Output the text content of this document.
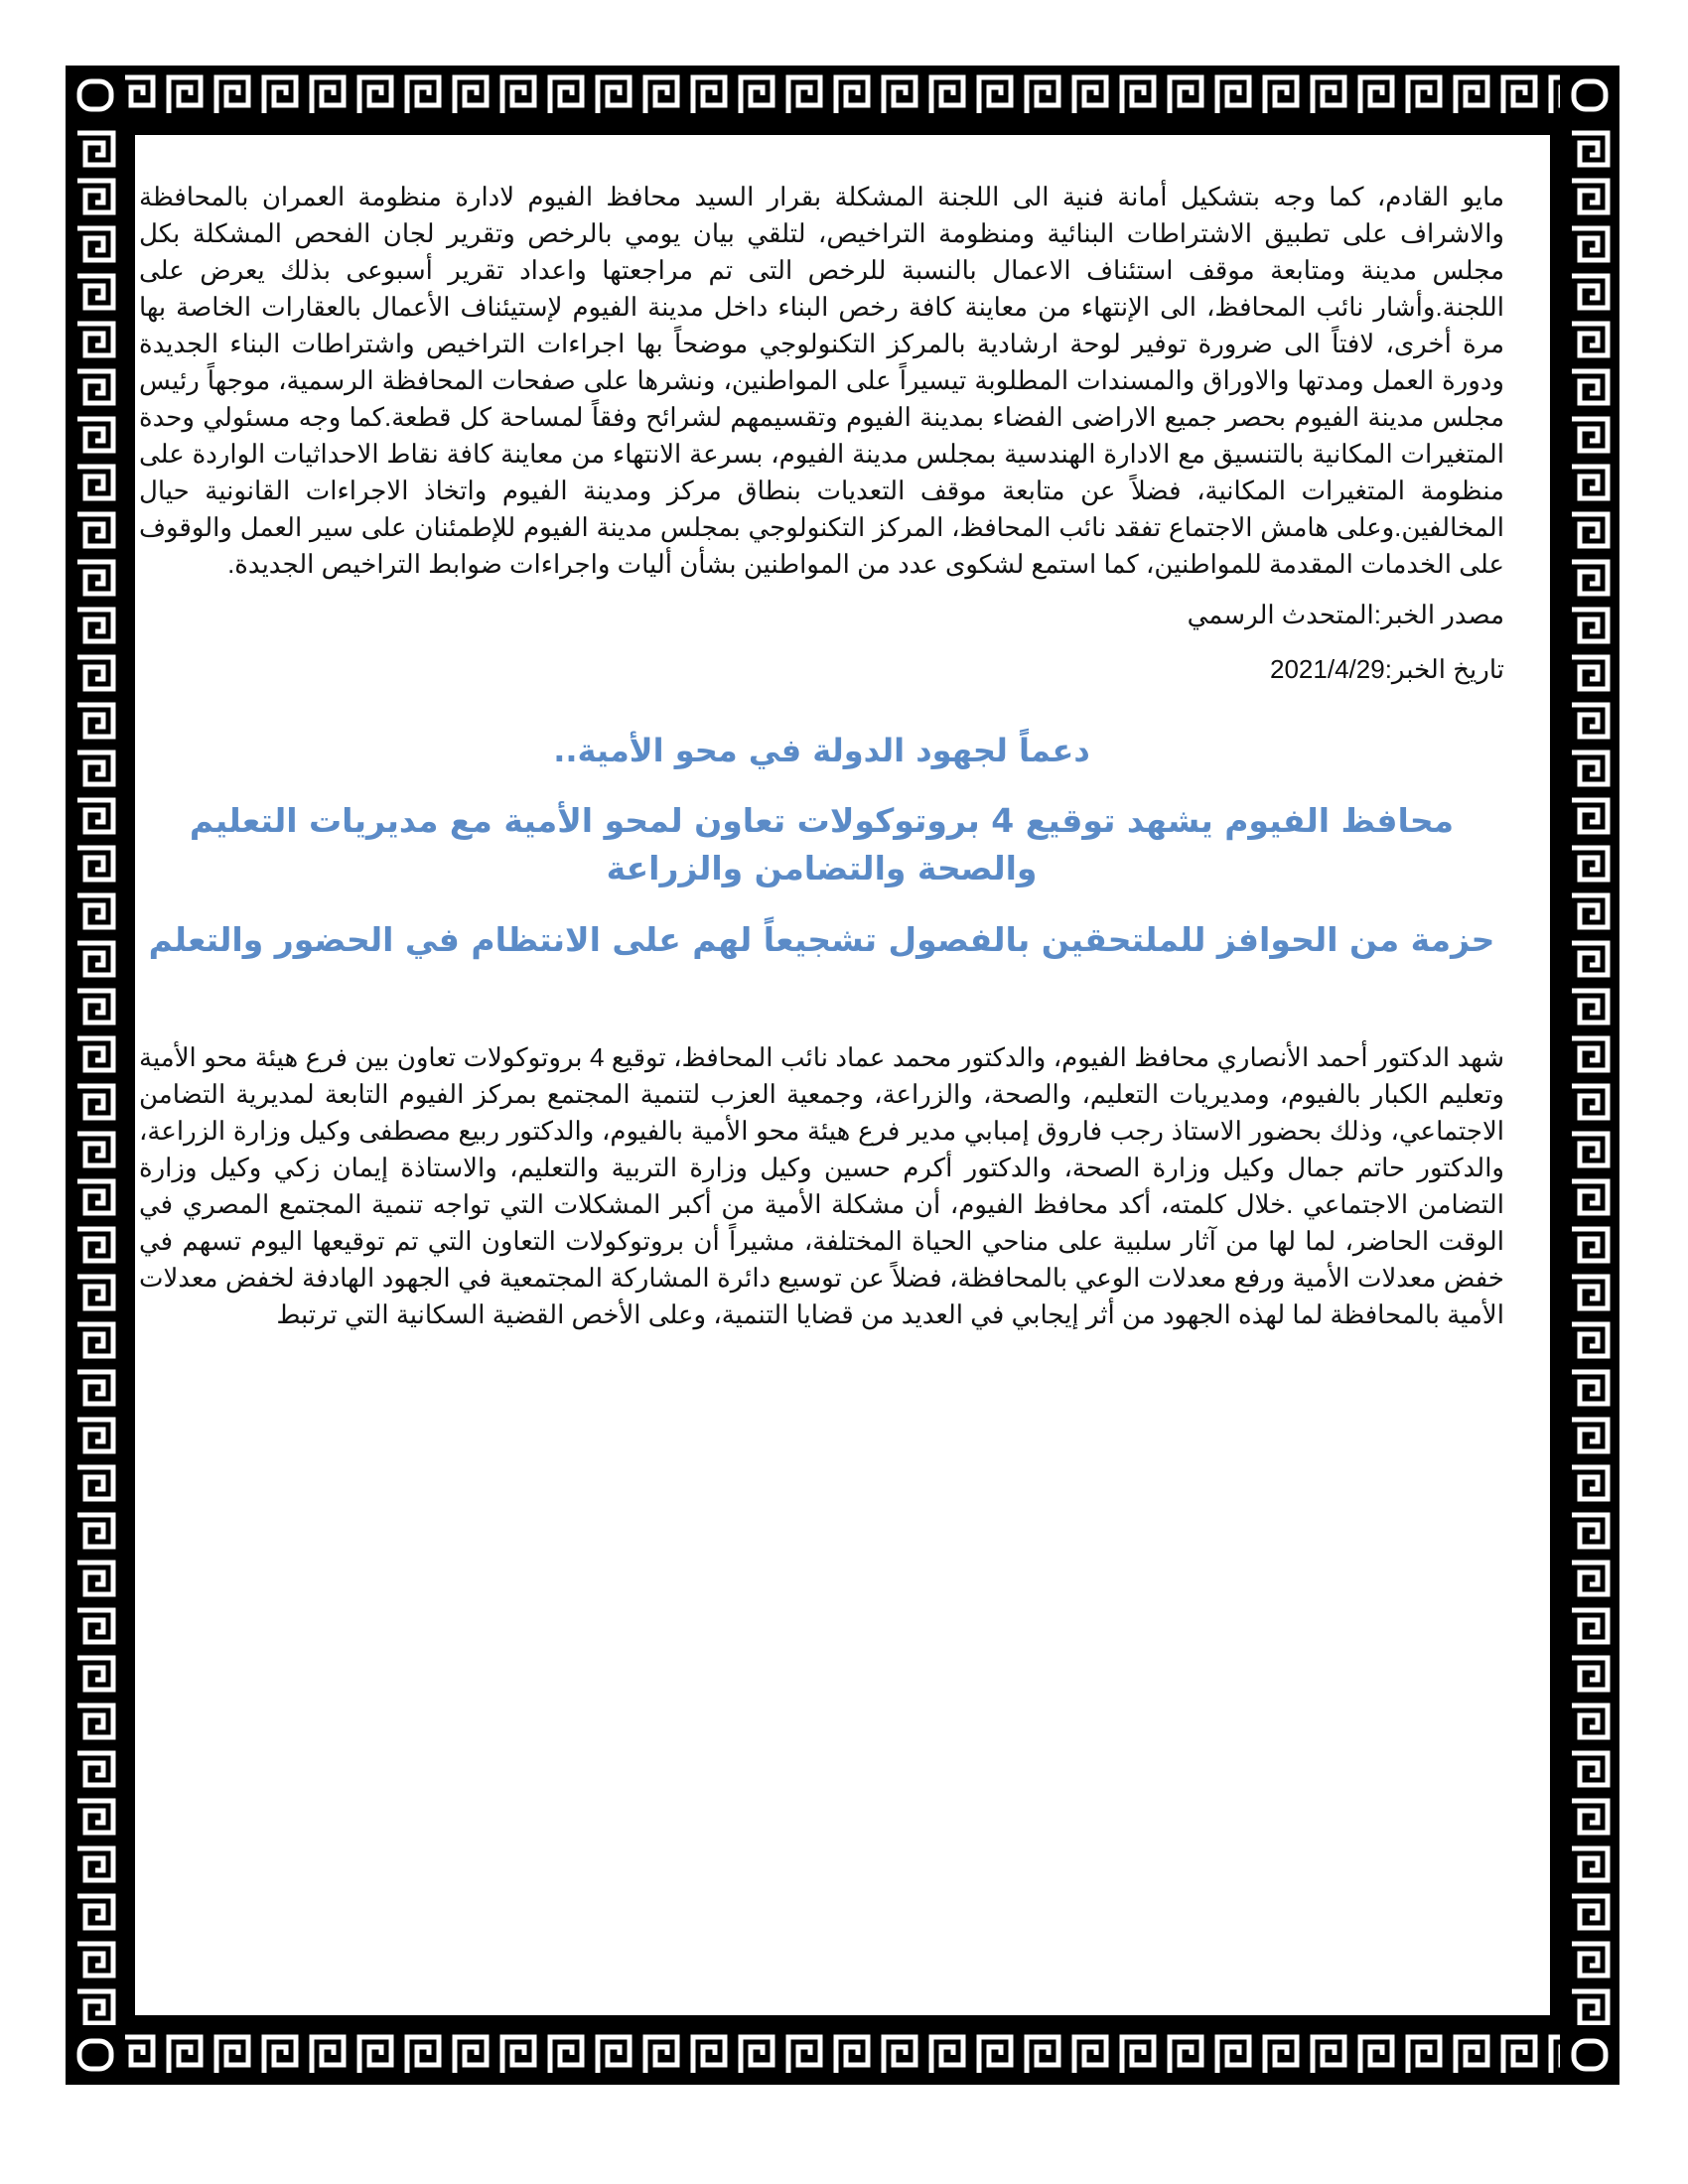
مايو القادم، كما وجه بتشكيل أمانة فنية الى اللجنة المشكلة بقرار السيد محافظ الفيوم لادارة منظومة العمران بالمحافظة والاشراف على تطبيق الاشتراطات البنائية ومنظومة التراخيص، لتلقي بيان يومي بالرخص وتقرير لجان الفحص المشكلة بكل مجلس مدينة ومتابعة موقف استئناف الاعمال بالنسبة للرخص التى تم مراجعتها واعداد تقرير أسبوعى بذلك يعرض على اللجنة.وأشار نائب المحافظ، الى الإنتهاء من معاينة كافة رخص البناء داخل مدينة الفيوم لإستيئناف الأعمال بالعقارات الخاصة بها مرة أخرى، لافتاً الى ضرورة توفير لوحة ارشادية بالمركز التكنولوجي موضحاً بها اجراءات التراخيص واشتراطات البناء الجديدة ودورة العمل ومدتها والاوراق والمسندات المطلوبة تيسيراً على المواطنين، ونشرها على صفحات المحافظة الرسمية، موجهاً رئيس مجلس مدينة الفيوم بحصر جميع الاراضى الفضاء بمدينة الفيوم وتقسيمهم لشرائح وفقاً لمساحة كل قطعة.كما وجه مسئولي وحدة المتغيرات المكانية بالتنسيق مع الادارة الهندسية بمجلس مدينة الفيوم، بسرعة الانتهاء من معاينة كافة نقاط الاحداثيات الواردة على منظومة المتغيرات المكانية، فضلاً عن متابعة موقف التعديات بنطاق مركز ومدينة الفيوم واتخاذ الاجراءات القانونية حيال المخالفين.وعلى هامش الاجتماع تفقد نائب المحافظ، المركز التكنولوجي بمجلس مدينة الفيوم للإطمئنان على سير العمل والوقوف على الخدمات المقدمة للمواطنين، كما استمع لشكوى عدد من المواطنين بشأن أليات واجراءات ضوابط التراخيص الجديدة.

مصدر الخبر:المتحدث الرسمي

تاريخ الخبر:2021/4/29

دعماً لجهود الدولة في محو الأمية..
محافظ الفيوم يشهد توقيع 4 بروتوكولات تعاون لمحو الأمية مع مديريات التعليم والصحة والتضامن والزراعة
حزمة من الحوافز للملتحقين بالفصول تشجيعاً لهم على الانتظام في الحضور والتعلم

شهد الدكتور أحمد الأنصاري محافظ الفيوم، والدكتور محمد عماد نائب المحافظ، توقيع 4 بروتوكولات تعاون بين فرع هيئة محو الأمية وتعليم الكبار بالفيوم، ومديريات التعليم، والصحة، والزراعة، وجمعية العزب لتنمية المجتمع بمركز الفيوم التابعة لمديرية التضامن الاجتماعي، وذلك بحضور الاستاذ رجب فاروق إمبابي مدير فرع هيئة محو الأمية بالفيوم، والدكتور ربيع مصطفى وكيل وزارة الزراعة، والدكتور حاتم جمال وكيل وزارة الصحة، والدكتور أكرم حسين وكيل وزارة التربية والتعليم، والاستاذة إيمان زكي وكيل وزارة التضامن الاجتماعي .خلال كلمته، أكد محافظ الفيوم، أن مشكلة الأمية من أكبر المشكلات التي تواجه تنمية المجتمع المصري في الوقت الحاضر، لما لها من آثار سلبية على مناحي الحياة المختلفة، مشيراً أن بروتوكولات التعاون التي تم توقيعها اليوم تسهم في خفض معدلات الأمية ورفع معدلات الوعي بالمحافظة، فضلاً عن توسيع دائرة المشاركة المجتمعية في الجهود الهادفة لخفض معدلات الأمية بالمحافظة لما لهذه الجهود من أثر إيجابي في العديد من قضايا التنمية، وعلى الأخص القضية السكانية التي ترتبط
